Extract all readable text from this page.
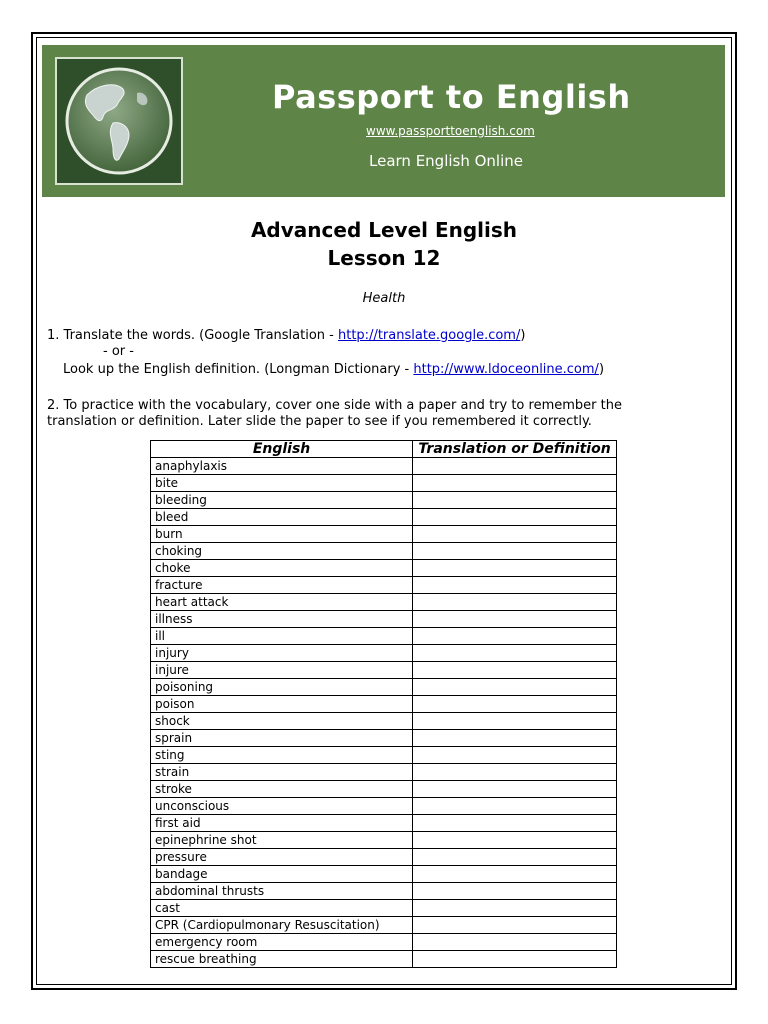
Passport to English
www.passporttoenglish.com
Learn English Online
Advanced Level English
Lesson 12
Health
1. Translate the words. (Google Translation - http://translate.google.com/)
- or -
Look up the English definition. (Longman Dictionary - http://www.ldoceonline.com/)
2. To practice with the vocabulary, cover one side with a paper and try to remember the
translation or definition. Later slide the paper to see if you remembered it correctly.
English	Translation or Definition
anaphylaxis	
bite	
bleeding	
bleed	
burn	
choking	
choke	
fracture	
heart attack	
illness	
ill	
injury	
injure	
poisoning	
poison	
shock	
sprain	
sting	
strain	
stroke	
unconscious	
first aid	
epinephrine shot	
pressure	
bandage	
abdominal thrusts	
cast	
CPR (Cardiopulmonary Resuscitation)	
emergency room	
rescue breathing	
